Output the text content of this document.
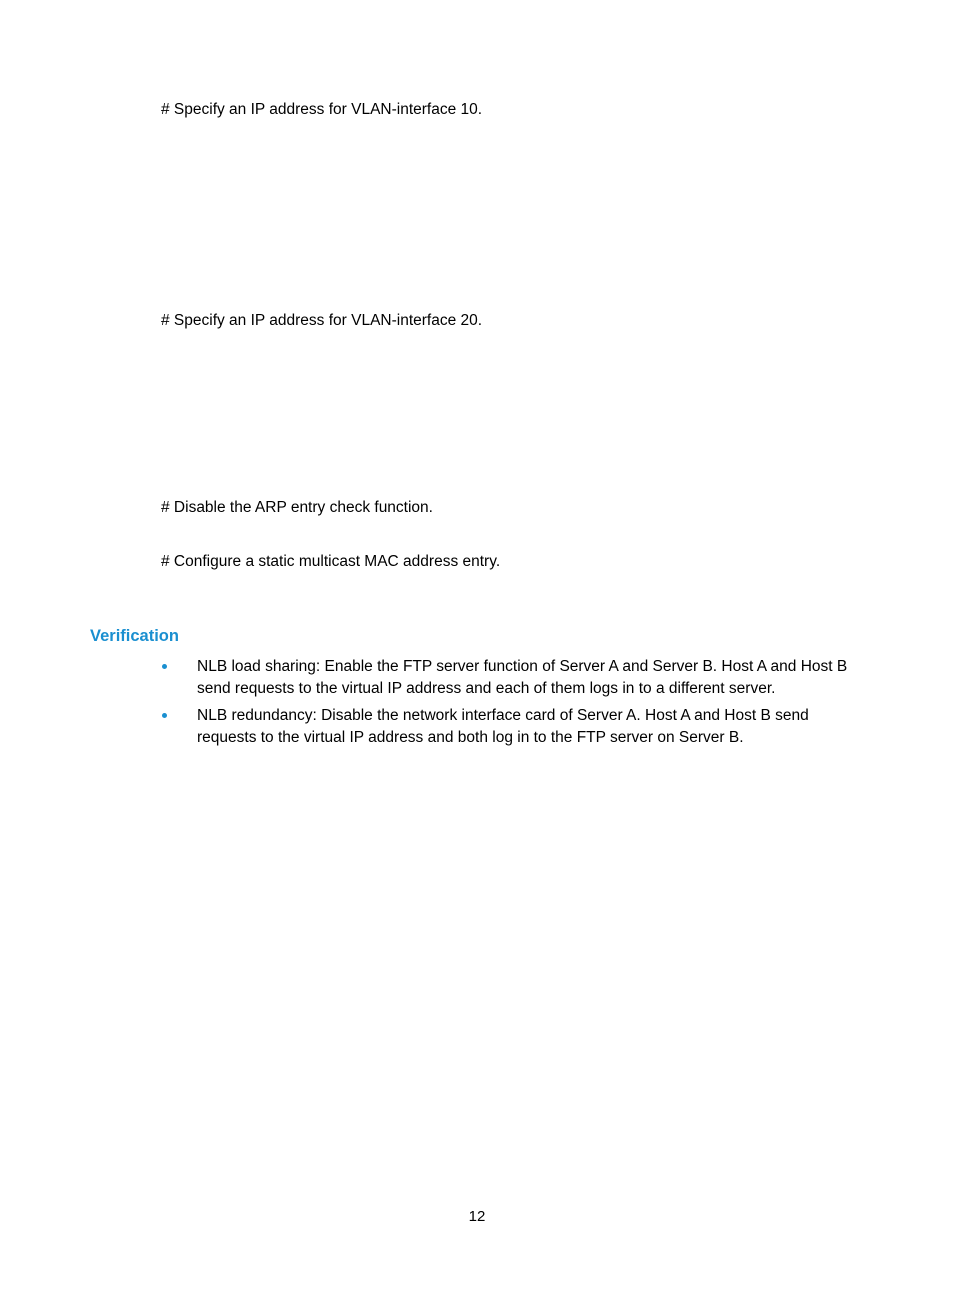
# Specify an IP address for VLAN-interface 10.
# Specify an IP address for VLAN-interface 20.
# Disable the ARP entry check function.
# Configure a static multicast MAC address entry.
Verification
NLB load sharing: Enable the FTP server function of Server A and Server B. Host A and Host B send requests to the virtual IP address and each of them logs in to a different server.
NLB redundancy: Disable the network interface card of Server A. Host A and Host B send requests to the virtual IP address and both log in to the FTP server on Server B.
12
